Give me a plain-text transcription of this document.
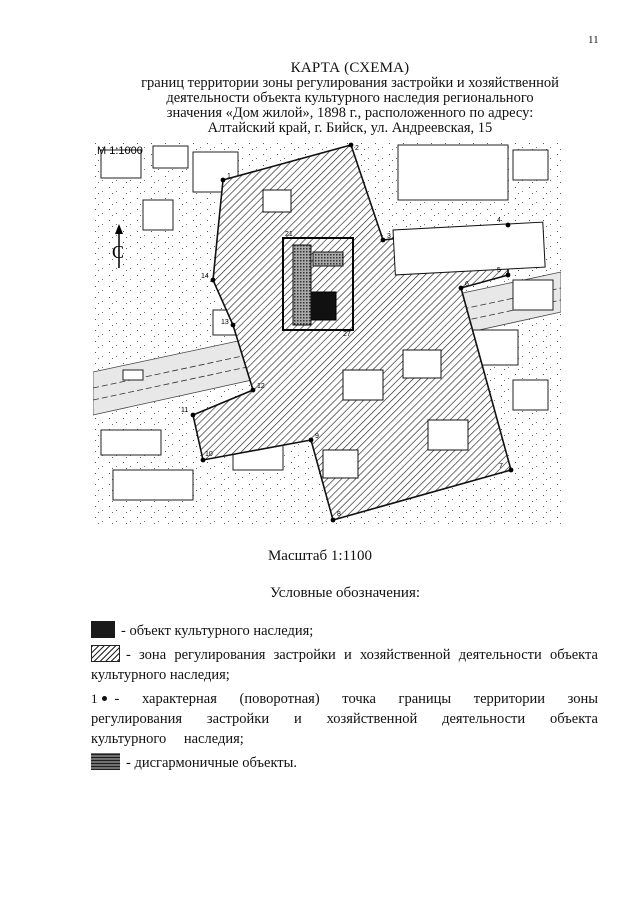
11
КАРТА (СХЕМА)
границ территории зоны регулирования застройки и хозяйственной
деятельности объекта культурного наследия регионального
значения «Дом жилой», 1898 г., расположенного по адресу:
Алтайский край, г. Бийск, ул. Андреевская, 15
1
2
3
4
5
6
7
8
9
10
11
12
13
14
21
27
М 1:1000
С
Масштаб 1:1100
Условные обозначения:
- объект культурного наследия;
- зона регулирования застройки и хозяйственной деятельности объекта культурного наследия;
1 - характерная (поворотная) точка границы территории зоны регулирования застройки и хозяйственной деятельности объекта культурного наследия;
- дисгармоничные объекты.
